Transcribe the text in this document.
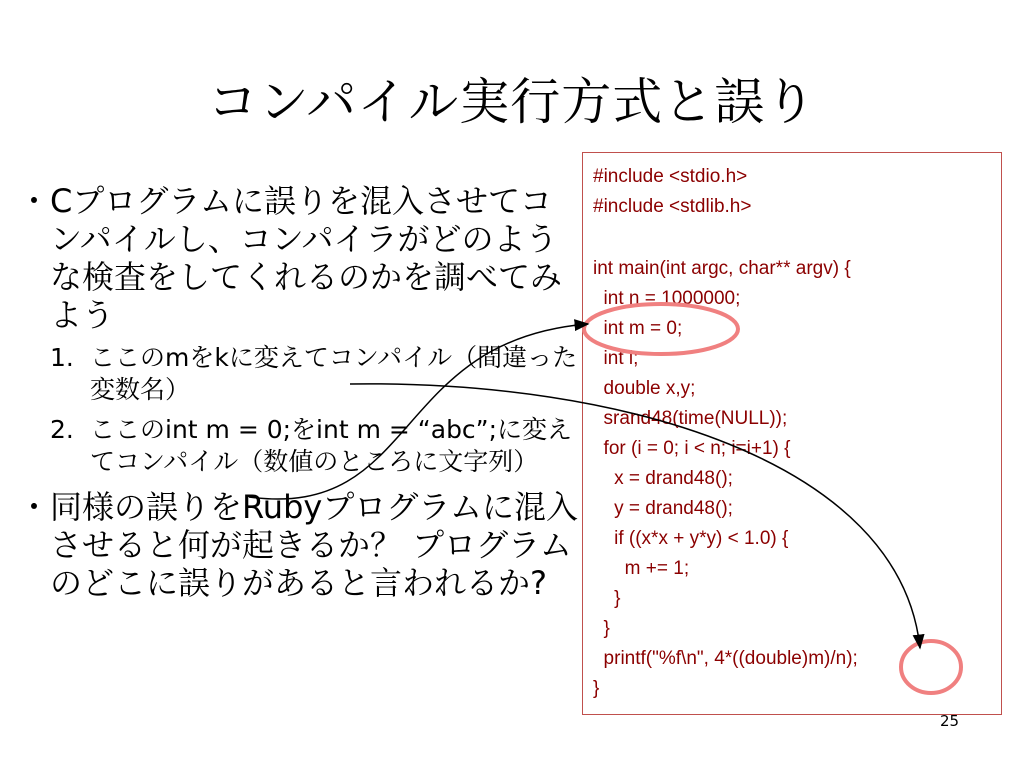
コンパイル実行方式と誤り
・ Cプログラムに誤りを混入させてコンパイルし、コンパイラがどのような検査をしてくれるのかを調べてみよう
1. ここのmをkに変えてコンパイル（間違った変数名）
2. ここのint m = 0;をint m = “abc”;に変えてコンパイル（数値のところに文字列）
・ 同様の誤りをRubyプログラムに混入させると何が起きるか？ プログラムのどこに誤りがあると言われるか?
#include <stdio.h>
#include <stdlib.h>
int main(int argc, char** argv) {
int n = 1000000;
int m = 0;
int i;
double x,y;
srand48(time(NULL));
for (i = 0; i < n; i=i+1) {
x = drand48();
y = drand48();
if ((x*x + y*y) < 1.0) {
m += 1;
}
}
printf("%f\n", 4*((double)m)/n);
}
25
